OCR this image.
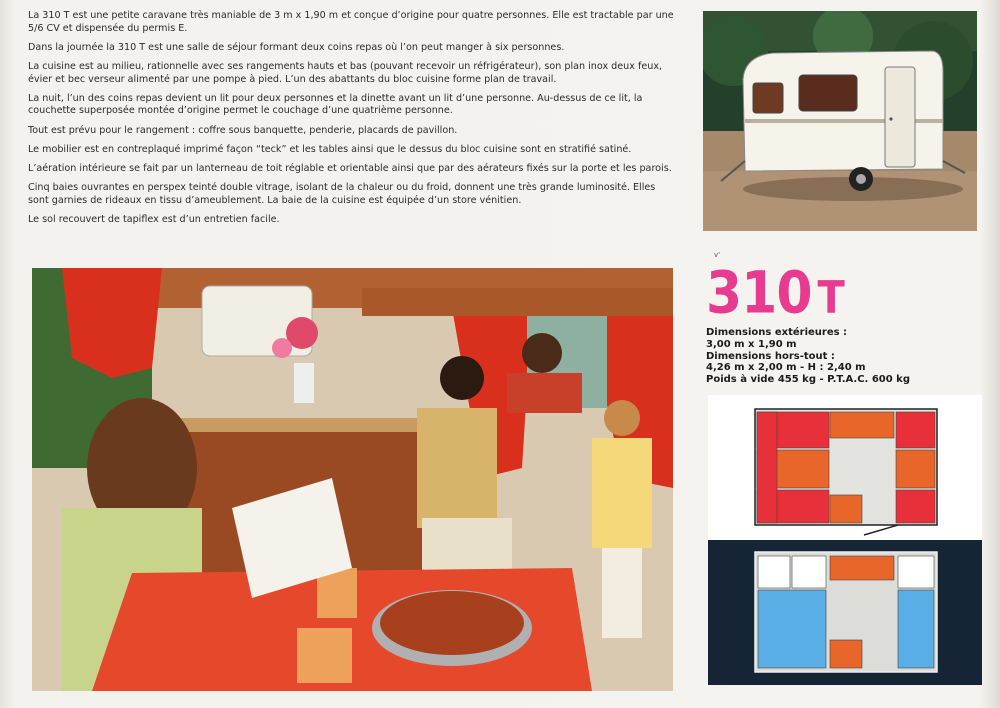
La 310 T est une petite caravane très maniable de 3 m x 1,90 m et conçue d’origine pour quatre personnes. Elle est tractable par une 5/6 CV et dispensée du permis E.

Dans la journée la 310 T est une salle de séjour formant deux coins repas où l’on peut manger à six personnes.

La cuisine est au milieu, rationnelle avec ses rangements hauts et bas (pouvant recevoir un réfrigérateur), son plan inox deux feux, évier et bec verseur alimenté par une pompe à pied. L’un des abattants du bloc cuisine forme plan de travail.

La nuit, l’un des coins repas devient un lit pour deux personnes et la dinette avant un lit d’une personne. Au-dessus de ce lit, la couchette superposée montée d’origine permet le couchage d’une quatrième personne.

Tout est prévu pour le rangement : coffre sous banquette, penderie, placards de pavillon.

Le mobilier est en contreplaqué imprimé façon “teck” et les tables ainsi que le dessus du bloc cuisine sont en stratifié satiné.

L’aération intérieure se fait par un lanterneau de toit réglable et orientable ainsi que par des aérateurs fixés sur la porte et les parois.

Cinq baies ouvrantes en perspex teinté double vitrage, isolant de la chaleur ou du froid, donnent une très grande luminosité. Elles sont garnies de rideaux en tissu d’ameublement. La baie de la cuisine est équipée d’un store vénitien.

Le sol recouvert de tapiflex est d’un entretien facile.

v'
310 T
Dimensions extérieures :
3,00 m x 1,90 m
Dimensions hors-tout :
4,26 m x 2,00 m - H : 2,40 m
Poids à vide 455 kg - P.T.A.C. 600 kg
